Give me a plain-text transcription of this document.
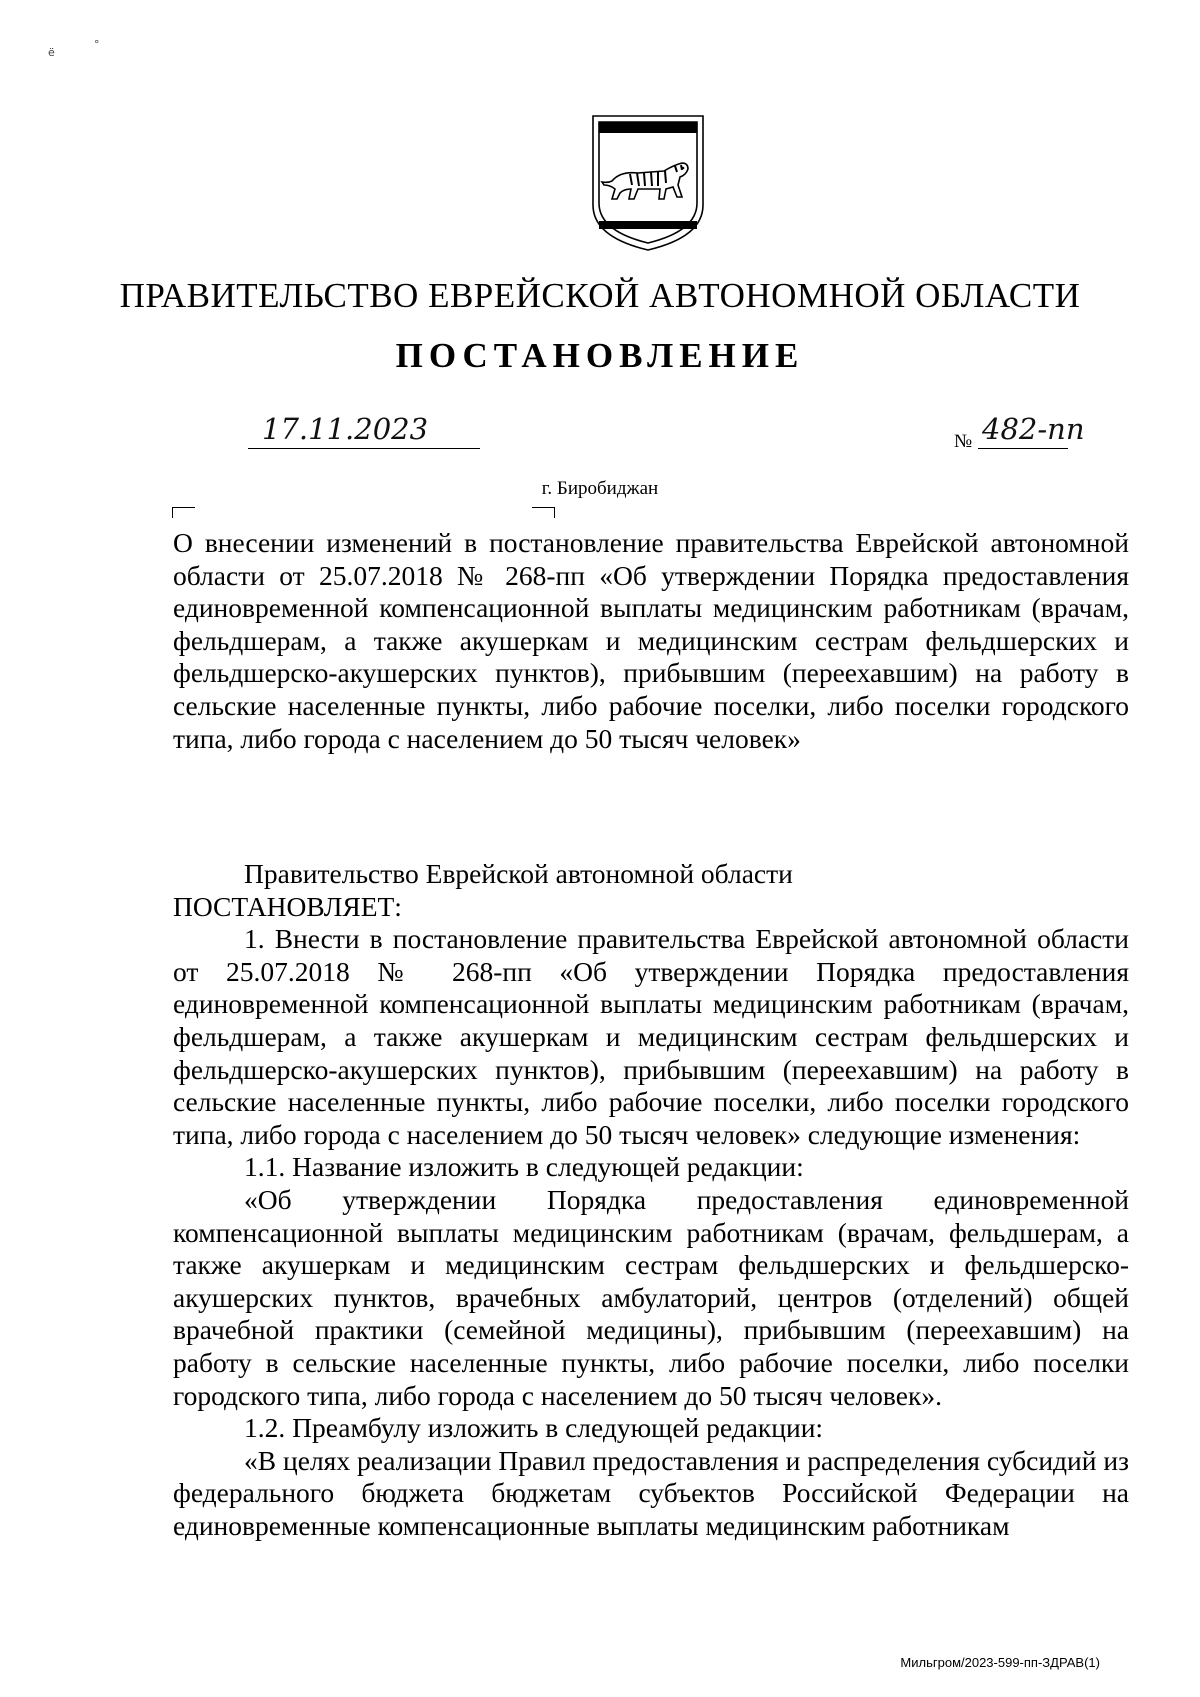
ё
°
ПРАВИТЕЛЬСТВО ЕВРЕЙСКОЙ АВТОНОМНОЙ ОБЛАСТИ
ПОСТАНОВЛЕНИЕ
17.11.2023	№ 482-пп
г. Биробиджан
О внесении изменений в постановление правительства Еврейской автономной области от 25.07.2018 № 268-пп «Об утверждении Порядка предоставления единовременной компенсационной выплаты медицинским работникам (врачам, фельдшерам, а также акушеркам и медицинским сестрам фельдшерских и фельдшерско-акушерских пунктов), прибывшим (переехавшим) на работу в сельские населенные пункты, либо рабочие поселки, либо поселки городского типа, либо города с населением до 50 тысяч человек»

Правительство Еврейской автономной области

ПОСТАНОВЛЯЕТ:

1. Внести в постановление правительства Еврейской автономной области от 25.07.2018 № 268-пп «Об утверждении Порядка предоставления единовременной компенсационной выплаты медицинским работникам (врачам, фельдшерам, а также акушеркам и медицинским сестрам фельдшерских и фельдшерско-акушерских пунктов), прибывшим (переехавшим) на работу в сельские населенные пункты, либо рабочие поселки, либо поселки городского типа, либо города с населением до 50 тысяч человек» следующие изменения:

1.1. Название изложить в следующей редакции:

«Об утверждении Порядка предоставления единовременной компенсационной выплаты медицинским работникам (врачам, фельдшерам, а также акушеркам и медицинским сестрам фельдшерских и фельдшерско-акушерских пунктов, врачебных амбулаторий, центров (отделений) общей врачебной практики (семейной медицины), прибывшим (переехавшим) на работу в сельские населенные пункты, либо рабочие поселки, либо поселки городского типа, либо города с населением до 50 тысяч человек».

1.2. Преамбулу изложить в следующей редакции:

«В целях реализации Правил предоставления и распределения субсидий из федерального бюджета бюджетам субъектов Российской Федерации на единовременные компенсационные выплаты медицинским работникам

Мильгром/2023-599-пп-ЗДРАВ(1)
